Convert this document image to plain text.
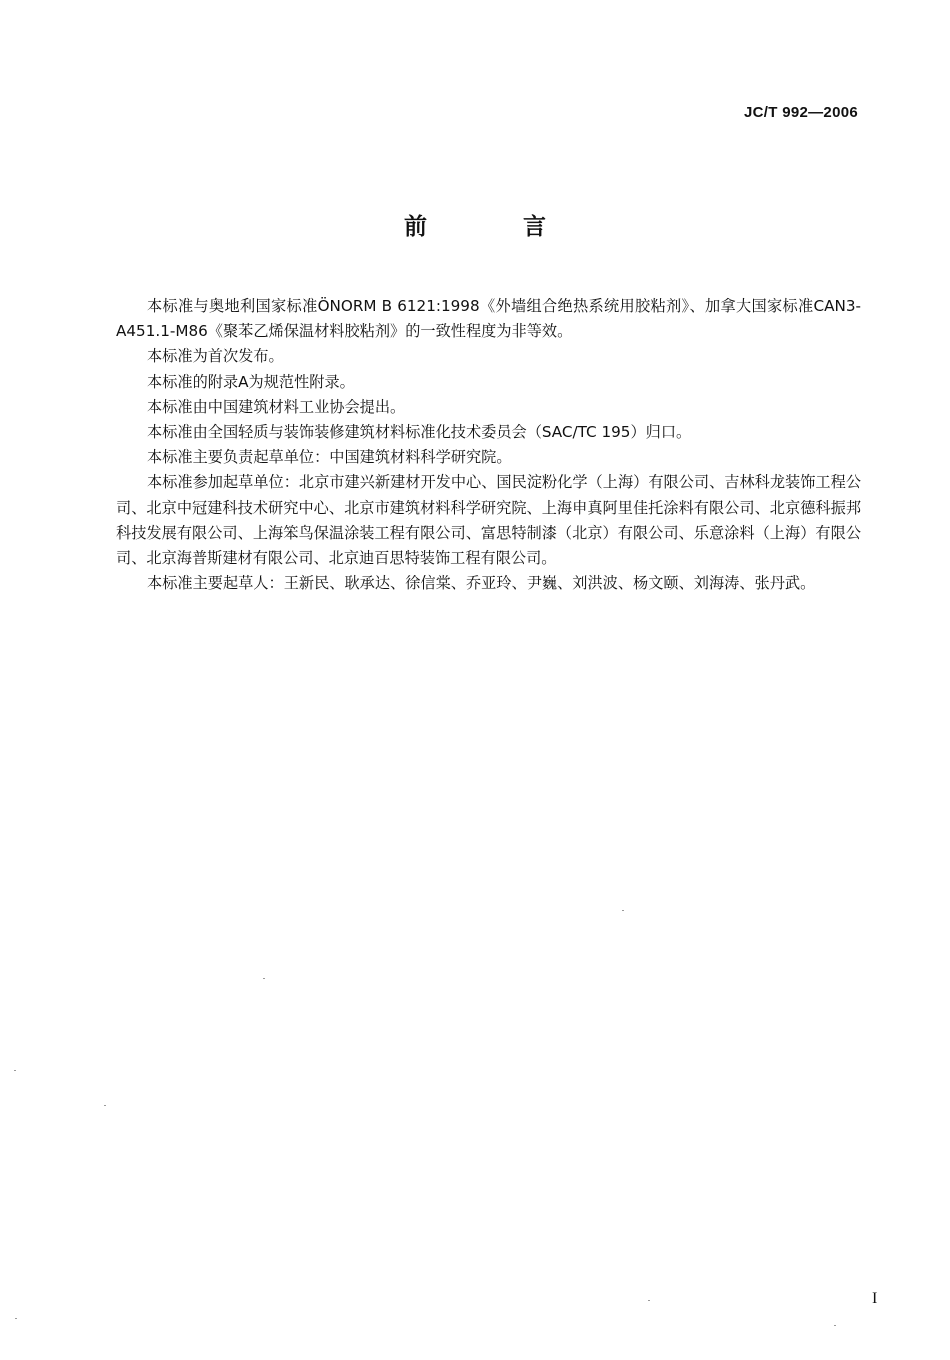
JC/T 992—2006
前 言

本标准与奥地利国家标准ÖNORM B 6121:1998《外墙组合绝热系统用胶粘剂》、加拿大国家标准CAN3-A451.1-M86《聚苯乙烯保温材料胶粘剂》的一致性程度为非等效。

本标准为首次发布。

本标准的附录A为规范性附录。

本标准由中国建筑材料工业协会提出。

本标准由全国轻质与装饰装修建筑材料标准化技术委员会（SAC/TC 195）归口。

本标准主要负责起草单位：中国建筑材料科学研究院。

本标准参加起草单位：北京市建兴新建材开发中心、国民淀粉化学（上海）有限公司、吉林科龙装饰工程公司、北京中冠建科技术研究中心、北京市建筑材料科学研究院、上海申真阿里佳托涂料有限公司、北京德科振邦科技发展有限公司、上海笨鸟保温涂装工程有限公司、富思特制漆（北京）有限公司、乐意涂料（上海）有限公司、北京海普斯建材有限公司、北京迪百思特装饰工程有限公司。

本标准主要起草人：王新民、耿承达、徐信棠、乔亚玲、尹巍、刘洪波、杨文颐、刘海涛、张丹武。

I
